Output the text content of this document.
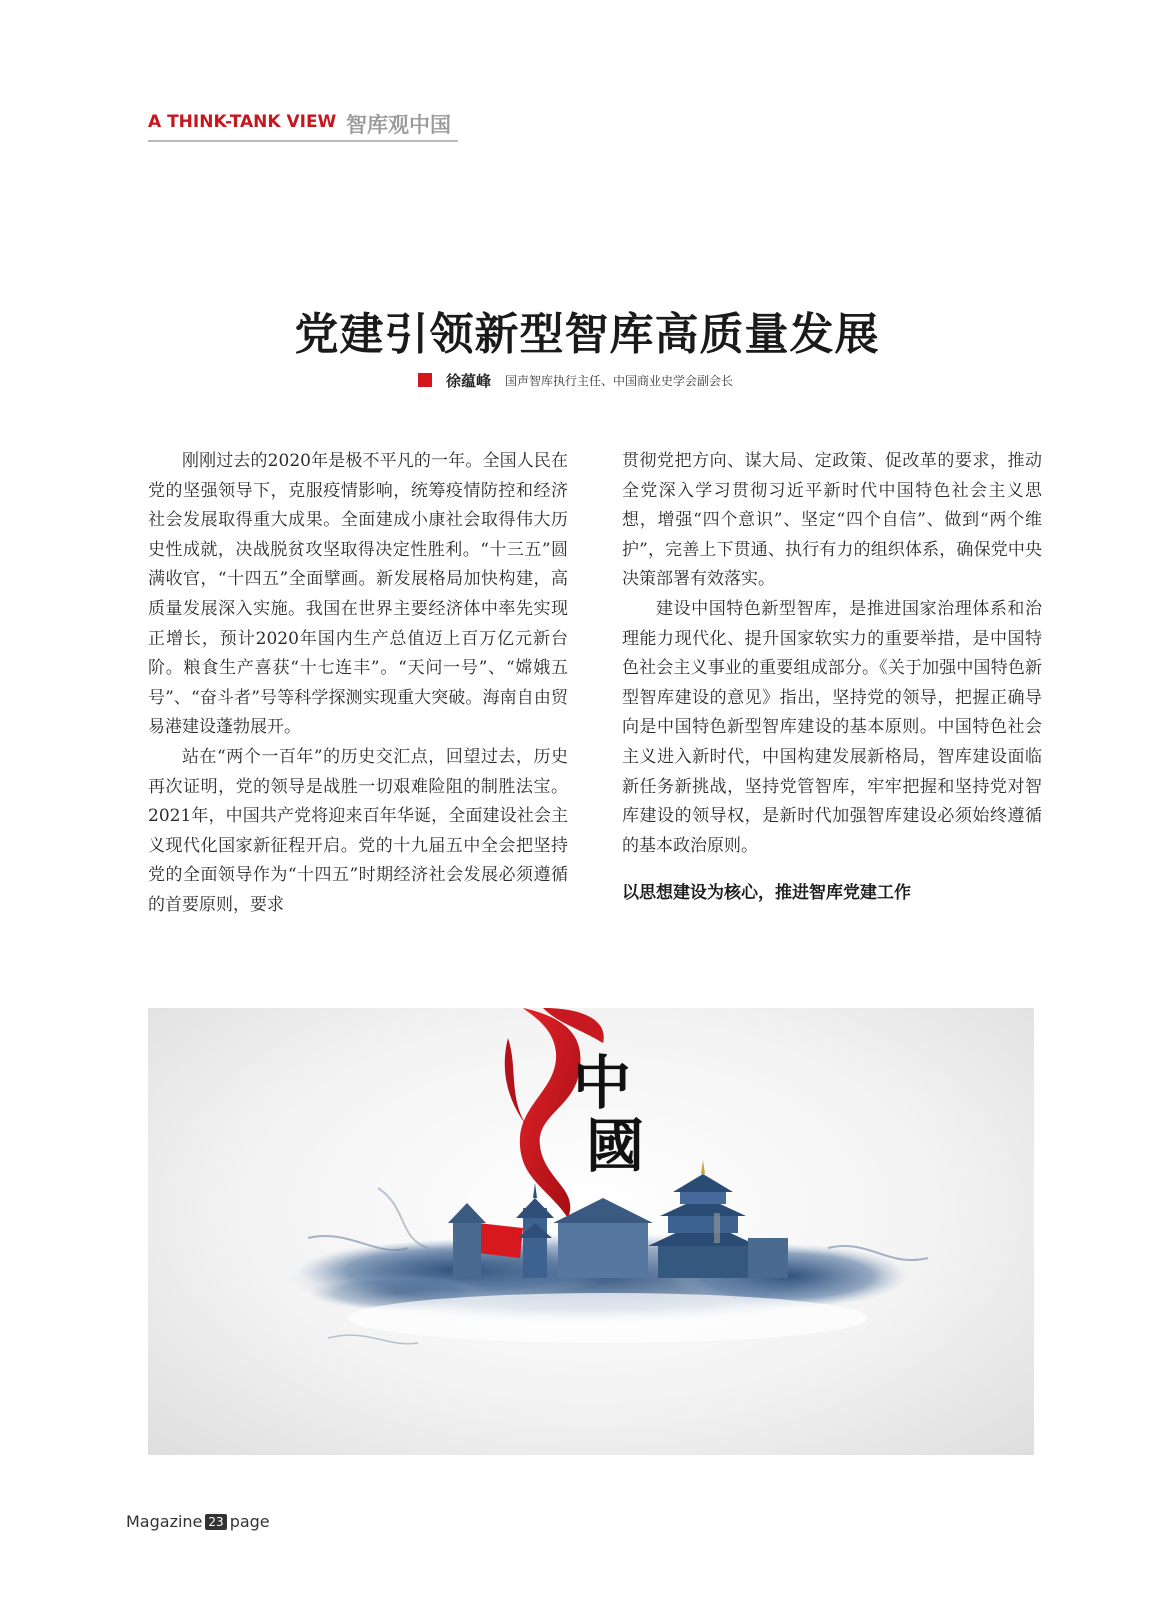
A THINK-TANK VIEW 智库观中国
党建引领新型智库高质量发展
徐蕴峰 国声智库执行主任、中国商业史学会副会长

刚刚过去的2020年是极不平凡的一年。全国人民在党的坚强领导下，克服疫情影响，统筹疫情防控和经济社会发展取得重大成果。全面建成小康社会取得伟大历史性成就，决战脱贫攻坚取得决定性胜利。“十三五”圆满收官，“十四五”全面擘画。新发展格局加快构建，高质量发展深入实施。我国在世界主要经济体中率先实现正增长，预计2020年国内生产总值迈上百万亿元新台阶。粮食生产喜获“十七连丰”。“天问一号”、“嫦娥五号”、“奋斗者”号等科学探测实现重大突破。海南自由贸易港建设蓬勃展开。

站在“两个一百年”的历史交汇点，回望过去，历史再次证明，党的领导是战胜一切艰难险阻的制胜法宝。2021年，中国共产党将迎来百年华诞，全面建设社会主义现代化国家新征程开启。党的十九届五中全会把坚持党的全面领导作为“十四五”时期经济社会发展必须遵循的首要原则，要求

贯彻党把方向、谋大局、定政策、促改革的要求，推动全党深入学习贯彻习近平新时代中国特色社会主义思想，增强“四个意识”、坚定“四个自信”、做到“两个维护”，完善上下贯通、执行有力的组织体系，确保党中央决策部署有效落实。

建设中国特色新型智库，是推进国家治理体系和治理能力现代化、提升国家软实力的重要举措，是中国特色社会主义事业的重要组成部分。《关于加强中国特色新型智库建设的意见》指出，坚持党的领导，把握正确导向是中国特色新型智库建设的基本原则。中国特色社会主义进入新时代，中国构建发展新格局，智库建设面临新任务新挑战，坚持党管智库，牢牢把握和坚持党对智库建设的领导权，是新时代加强智库建设必须始终遵循的基本政治原则。

以思想建设为核心，推进智库党建工作
中
國
Magazine 23 page
